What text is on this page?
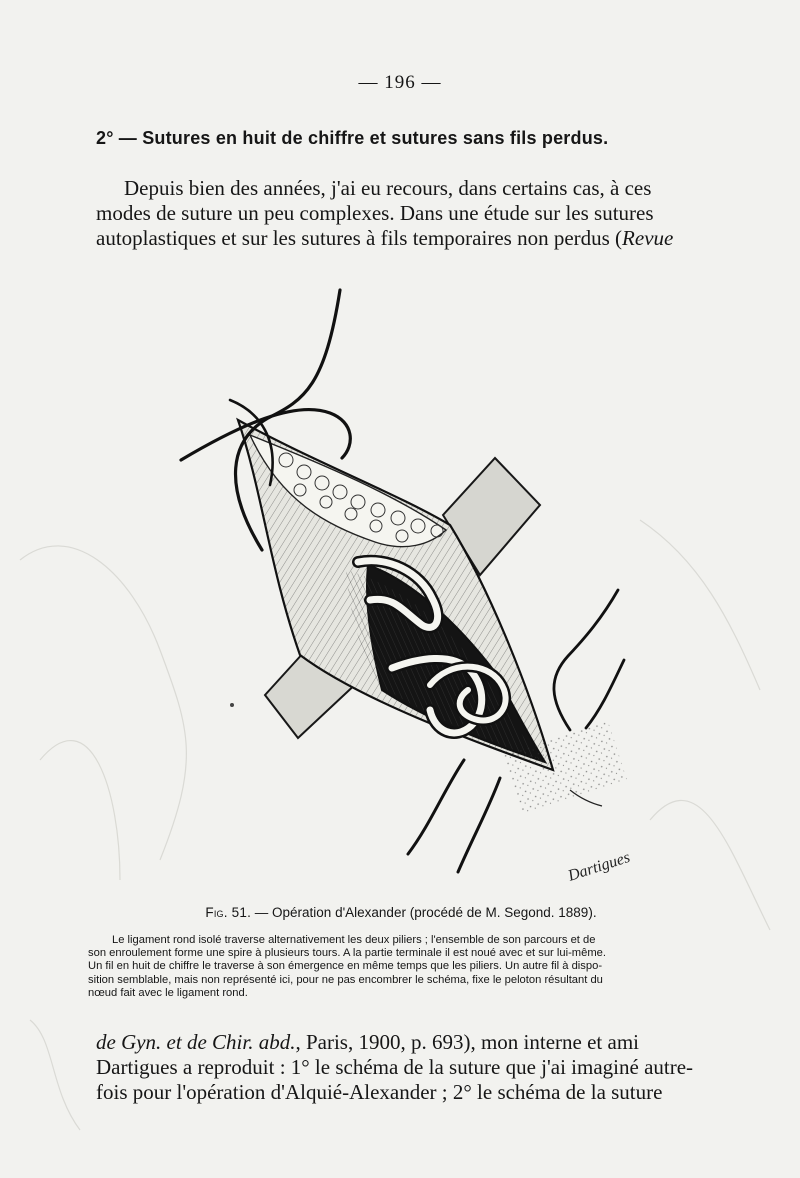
— 196 —
2° — Sutures en huit de chiffre et sutures sans fils perdus.
Depuis bien des années, j'ai eu recours, dans certains cas, à ces
modes de suture un peu complexes. Dans une étude sur les sutures
autoplastiques et sur les sutures à fils temporaires non perdus (Revue
Dartigues
Fig. 51. — Opération d'Alexander (procédé de M. Segond. 1889).
Le ligament rond isolé traverse alternativement les deux piliers ; l'ensemble de son parcours et de
son enroulement forme une spire à plusieurs tours. A la partie terminale il est noué avec et sur lui-même.
Un fil en huit de chiffre le traverse à son émergence en même temps que les piliers. Un autre fil à dispo-
sition semblable, mais non représenté ici, pour ne pas encombrer le schéma, fixe le peloton résultant du
nœud fait avec le ligament rond.
de Gyn. et de Chir. abd., Paris, 1900, p. 693), mon interne et ami
Dartigues a reproduit : 1° le schéma de la suture que j'ai imaginé autre-
fois pour l'opération d'Alquié-Alexander ; 2° le schéma de la suture
